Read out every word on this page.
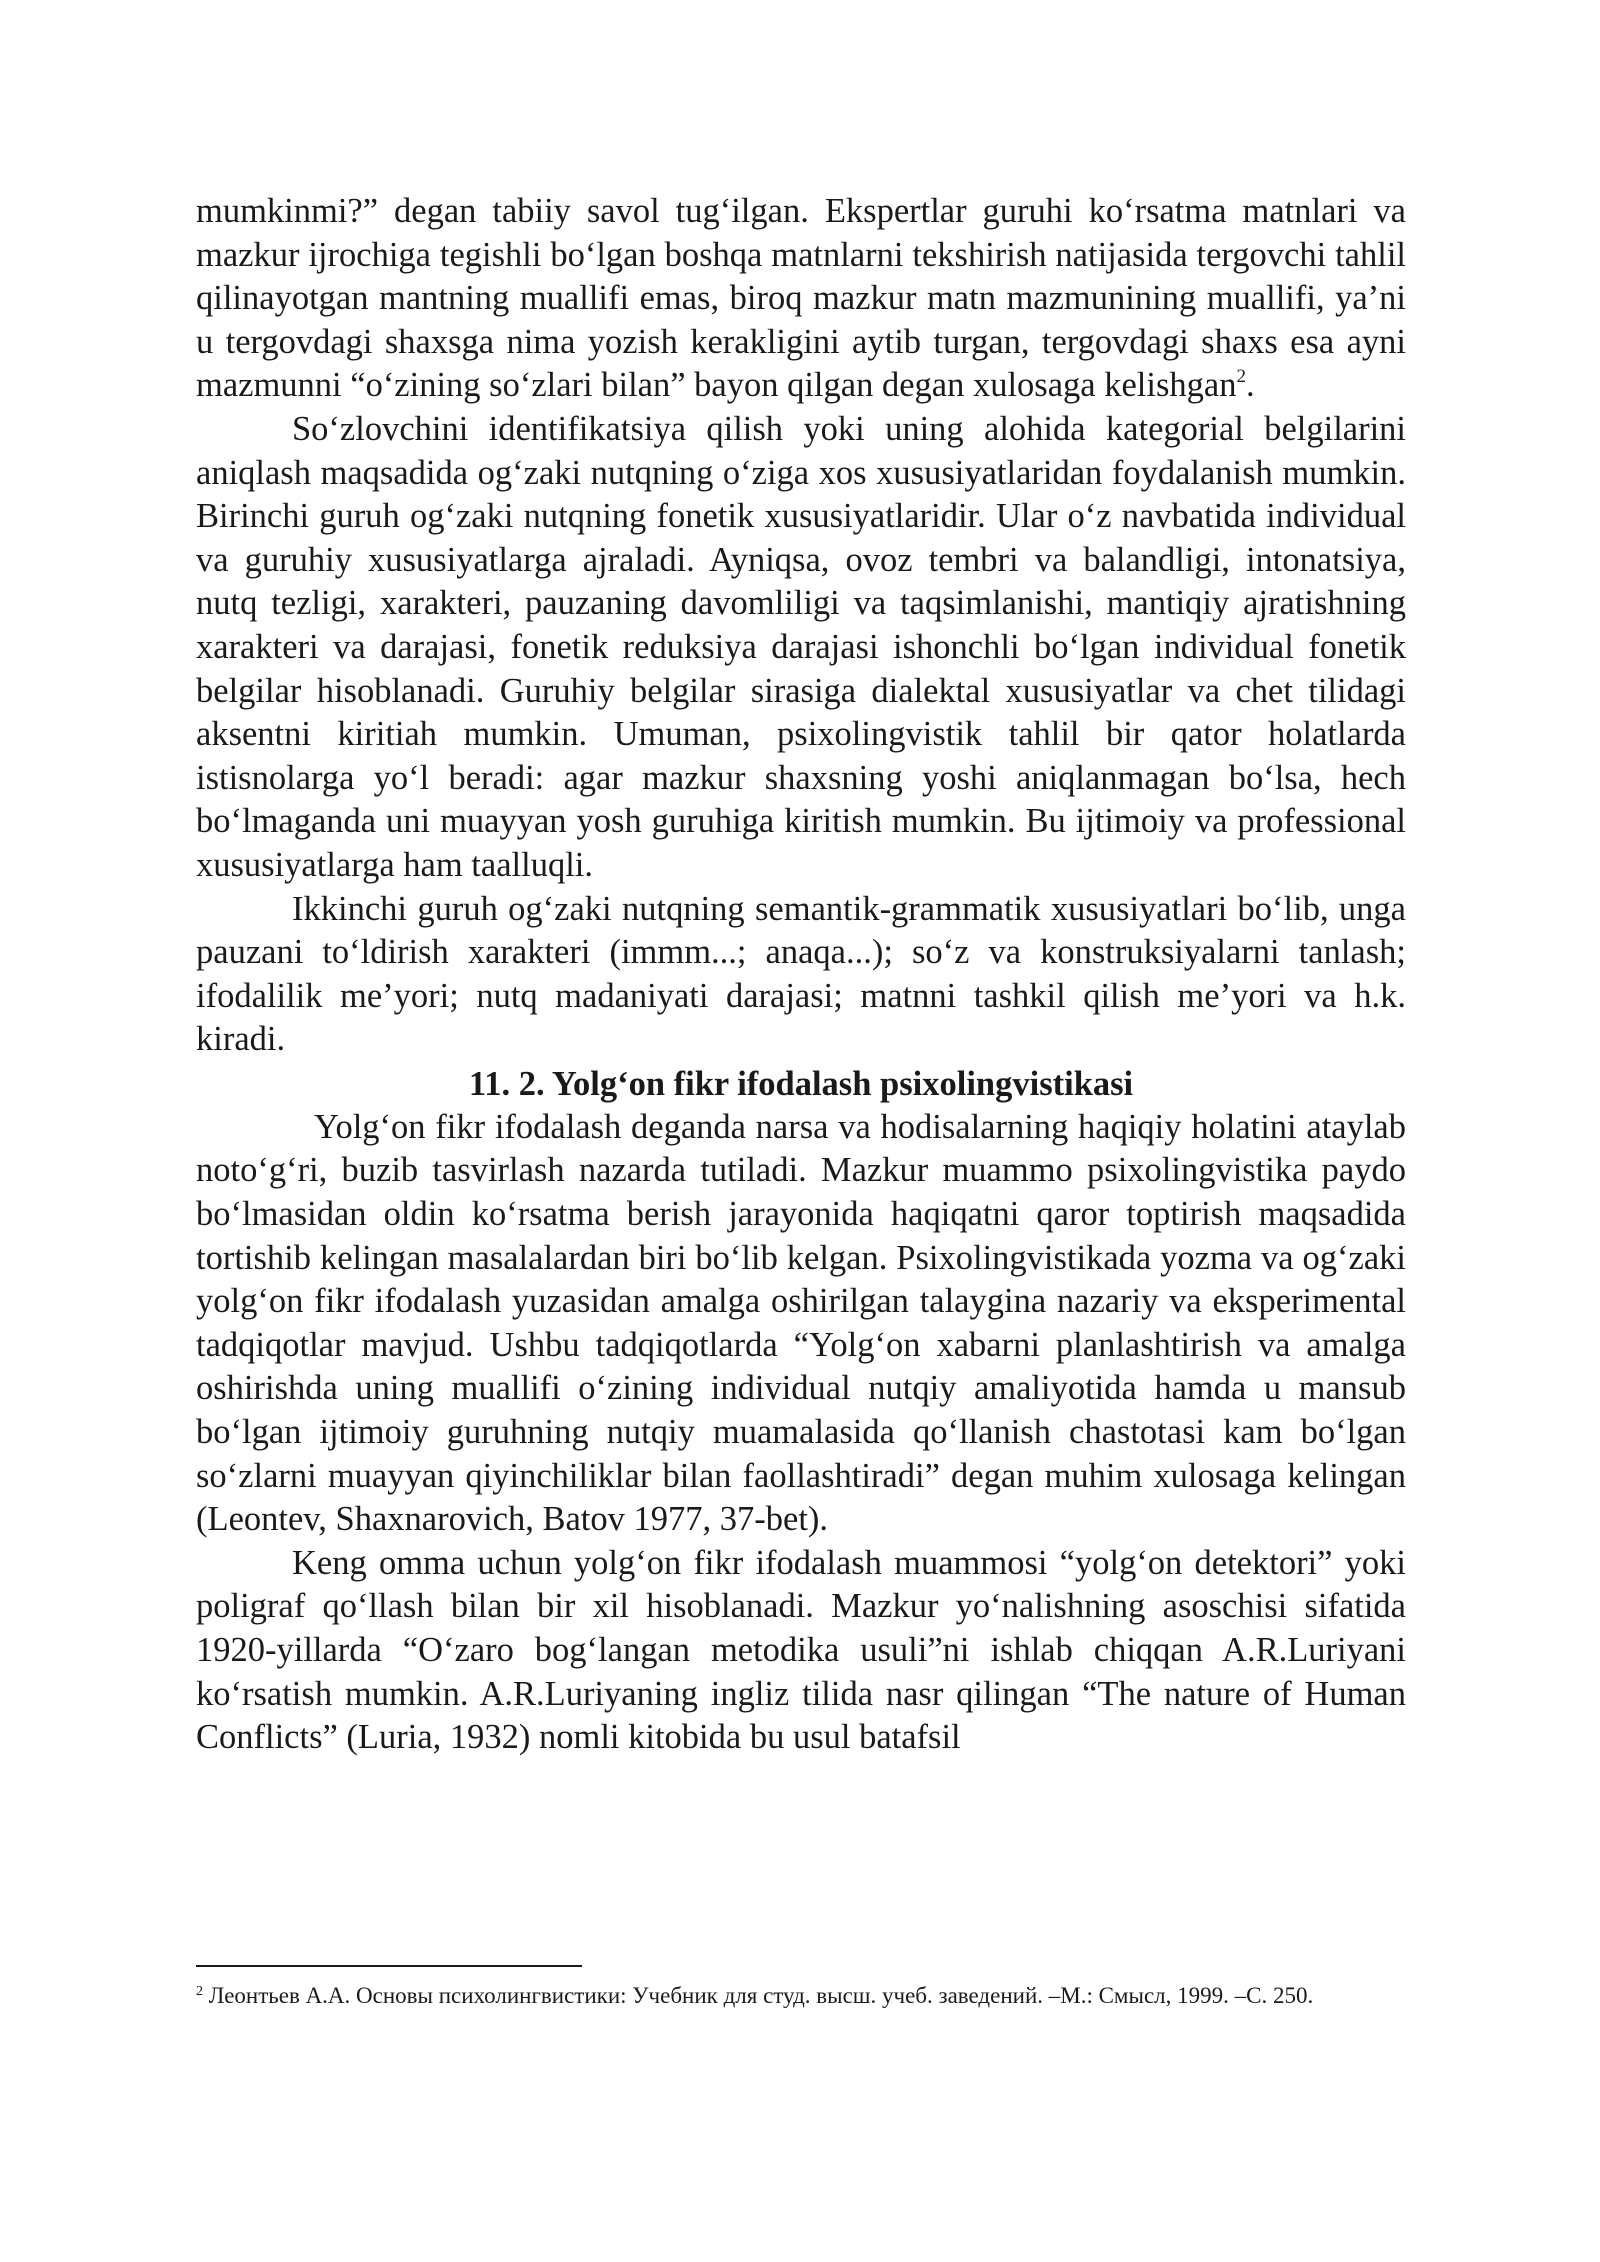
mumkinmi?” degan tabiiy savol tug‘ilgan. Ekspertlar guruhi ko‘rsatma matnlari va mazkur ijrochiga tegishli bo‘lgan boshqa matnlarni tekshirish natijasida tergovchi tahlil qilinayotgan mantning muallifi emas, biroq mazkur matn mazmunining muallifi, ya’ni u tergovdagi shaxsga nima yozish kerakligini aytib turgan, tergovdagi shaxs esa ayni mazmunni “o‘zining so‘zlari bilan” bayon qilgan degan xulosaga kelishgan$^2$.

So‘zlovchini identifikatsiya qilish yoki uning alohida kategorial belgilarini aniqlash maqsadida og‘zaki nutqning o‘ziga xos xususiyatlaridan foydalanish mumkin. Birinchi guruh og‘zaki nutqning fonetik xususiyatlaridir. Ular o‘z navbatida individual va guruhiy xususiyatlarga ajraladi. Ayniqsa, ovoz tembri va balandligi, intonatsiya, nutq tezligi, xarakteri, pauzaning davomliligi va taqsimlanishi, mantiqiy ajratishning xarakteri va darajasi, fonetik reduksiya darajasi ishonchli bo‘lgan individual fonetik belgilar hisoblanadi. Guruhiy belgilar sirasiga dialektal xususiyatlar va chet tilidagi aksentni kiritiah mumkin. Umuman, psixolingvistik tahlil bir qator holatlarda istisnolarga yo‘l beradi: agar mazkur shaxsning yoshi aniqlanmagan bo‘lsa, hech bo‘lmaganda uni muayyan yosh guruhiga kiritish mumkin. Bu ijtimoiy va professional xususiyatlarga ham taalluqli.

Ikkinchi guruh og‘zaki nutqning semantik-grammatik xususiyatlari bo‘lib, unga pauzani to‘ldirish xarakteri (immm...; anaqa...); so‘z va konstruksiyalarni tanlash; ifodalilik me’yori; nutq madaniyati darajasi; matnni tashkil qilish me’yori va h.k. kiradi.

11. 2. Yolg‘on fikr ifodalash psixolingvistikasi

Yolg‘on fikr ifodalash deganda narsa va hodisalarning haqiqiy holatini ataylab noto‘g‘ri, buzib tasvirlash nazarda tutiladi. Mazkur muammo psixolingvistika paydo bo‘lmasidan oldin ko‘rsatma berish jarayonida haqiqatni qaror toptirish maqsadida tortishib kelingan masalalardan biri bo‘lib kelgan. Psixolingvistikada yozma va og‘zaki yolg‘on fikr ifodalash yuzasidan amalga oshirilgan talaygina nazariy va eksperimental tadqiqotlar mavjud. Ushbu tadqiqotlarda “Yolg‘on xabarni planlashtirish va amalga oshirishda uning muallifi o‘zining individual nutqiy amaliyotida hamda u mansub bo‘lgan ijtimoiy guruhning nutqiy muamalasida qo‘llanish chastotasi kam bo‘lgan so‘zlarni muayyan qiyinchiliklar bilan faollashtiradi” degan muhim xulosaga kelingan (Leontev, Shaxnarovich, Batov 1977, 37-bet).

Keng omma uchun yolg‘on fikr ifodalash muammosi “yolg‘on detektori” yoki poligraf qo‘llash bilan bir xil hisoblanadi. Mazkur yo‘nalishning asoschisi sifatida 1920-yillarda “O‘zaro bog‘langan metodika usuli”ni ishlab chiqqan A.R.Luriyani ko‘rsatish mumkin. A.R.Luriyaning ingliz tilida nasr qilingan “The nature of Human Conflicts” (Luria, 1932) nomli kitobida bu usul batafsil

$^2$ Леонтьев А.А. Основы психолингвистики: Учебник для студ. высш. учеб. заведений. –М.: Смысл, 1999. –С. 250.
